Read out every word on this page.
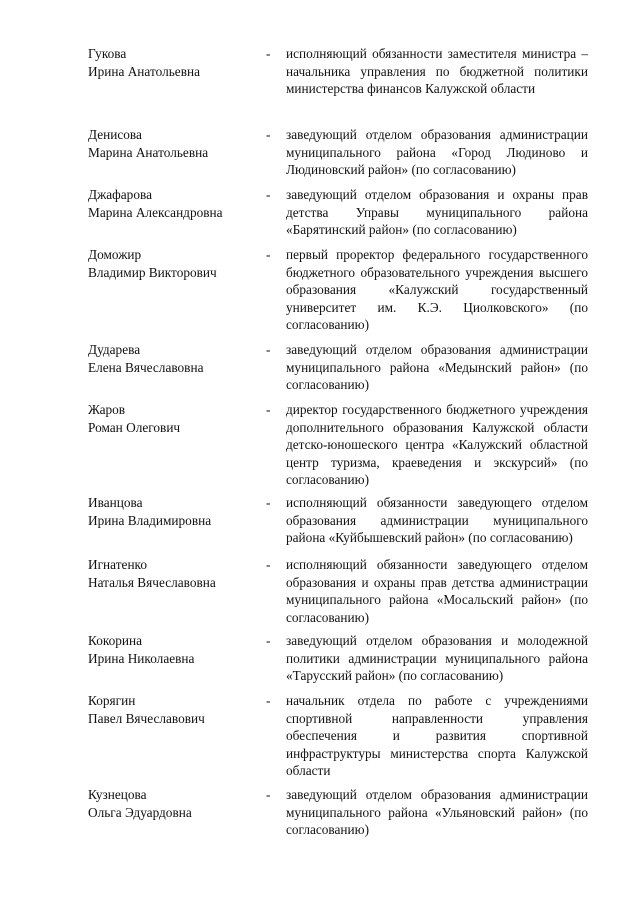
Гукова
Ирина Анатольевна
- исполняющий обязанности заместителя министра – начальника управления по бюджетной политики министерства финансов Калужской области
Денисова
Марина Анатольевна
- заведующий отделом образования администрации муниципального района «Город Людиново и Людиновский район» (по согласованию)
Джафарова
Марина Александровна
- заведующий отделом образования и охраны прав детства Управы муниципального района «Барятинский район» (по согласованию)
Доможир
Владимир Викторович
- первый проректор федерального государственного бюджетного образовательного учреждения высшего образования «Калужский государственный университет им. К.Э. Циолковского» (по согласованию)
Дударева
Елена Вячеславовна
- заведующий отделом образования администрации муниципального района «Медынский район» (по согласованию)
Жаров
Роман Олегович
- директор государственного бюджетного учреждения дополнительного образования Калужской области детско-юношеского центра «Калужский областной центр туризма, краеведения и экскурсий» (по согласованию)
Иванцова
Ирина Владимировна
- исполняющий обязанности заведующего отделом образования администрации муниципального района «Куйбышевский район» (по согласованию)
Игнатенко
Наталья Вячеславовна
- исполняющий обязанности заведующего отделом образования и охраны прав детства администрации муниципального района «Мосальский район» (по согласованию)
Кокорина
Ирина Николаевна
- заведующий отделом образования и молодежной политики администрации муниципального района «Тарусский район» (по согласованию)
Корягин
Павел Вячеславович
- начальник отдела по работе с учреждениями спортивной направленности управления обеспечения и развития спортивной инфраструктуры министерства спорта Калужской области
Кузнецова
Ольга Эдуардовна
- заведующий отделом образования администрации муниципального района «Ульяновский район» (по согласованию)
